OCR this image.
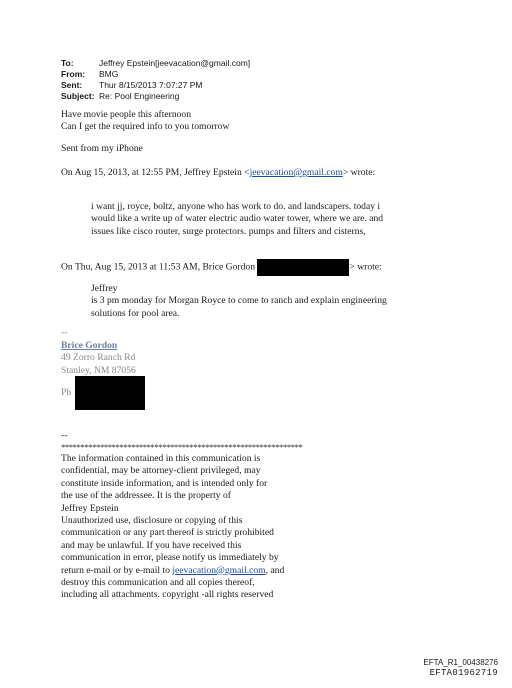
To:	Jeffrey Epstein[jeevacation@gmail.com]
From:	BMG
Sent:	Thur 8/15/2013 7:07:27 PM
Subject: Re: Pool Engineering
Have movie people this afternoon
Can I get the required info to you tomorrow
Sent from my iPhone
On Aug 15, 2013, at 12:55 PM, Jeffrey Epstein <jeevacation@gmail.com> wrote:
i want jj, royce, boltz, anyone who has work to do. and landscapers. today i
would like a write up of water electric audio water tower, where we are. and
issues like cisco router, surge protectors. pumps and filters and cisterns,
On Thu, Aug 15, 2013 at 11:53 AM, Brice Gordon	> wrote:
Jeffrey
is 3 pm monday for Morgan Royce to come to ranch and explain engineering
solutions for pool area.
--
Brice Gordon
49 Zorro Ranch Rd
Stanley, NM 87056
Ph
--
**************************************************************
The information contained in this communication is
confidential, may be attorney-client privileged, may
constitute inside information, and is intended only for
the use of the addressee. It is the property of
Jeffrey Epstein
Unauthorized use, disclosure or copying of this
communication or any part thereof is strictly prohibited
and may be unlawful. If you have received this
communication in error, please notify us immediately by
return e-mail or by e-mail to jeevacation@gmail.com, and
destroy this communication and all copies thereof,
including all attachments. copyright -all rights reserved
EFTA_R1_00438276
EFTA01962719
